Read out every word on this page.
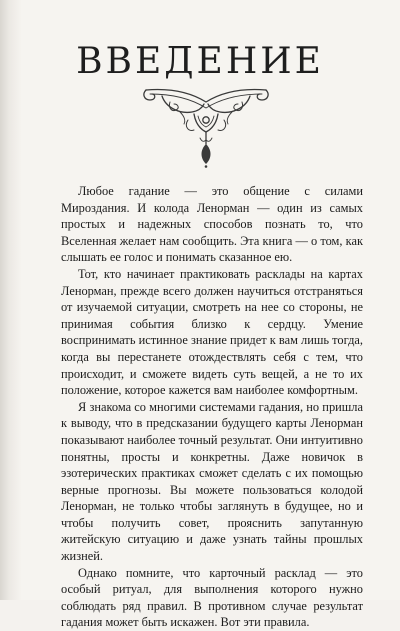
ВВЕДЕНИЕ

Любое гадание — это общение с силами Мироздания. И колода Ленорман — один из самых простых и надежных способов познать то, что Вселенная желает нам сообщить. Эта книга — о том, как слышать ее голос и понимать сказанное ею.

Тот, кто начинает практиковать расклады на картах Ленорман, прежде всего должен научиться отстраняться от изучаемой ситуации, смотреть на нее со стороны, не принимая события близко к сердцу. Умение воспринимать истинное знание придет к вам лишь тогда, когда вы перестанете отождествлять себя с тем, что происходит, и сможете видеть суть вещей, а не то их положение, которое кажется вам наиболее комфортным.

Я знакома со многими системами гадания, но пришла к выводу, что в предсказании будущего карты Ленорман показывают наиболее точный результат. Они интуитивно понятны, просты и конкретны. Даже новичок в эзотерических практиках сможет сделать с их помощью верные прогнозы. Вы можете пользоваться колодой Ленорман, не только чтобы заглянуть в будущее, но и чтобы получить совет, прояснить запутанную житейскую ситуацию и даже узнать тайны прошлых жизней.

Однако помните, что карточный расклад — это особый ритуал, для выполнения которого нужно соблюдать ряд правил. В противном случае результат гадания может быть искажен. Вот эти правила.
